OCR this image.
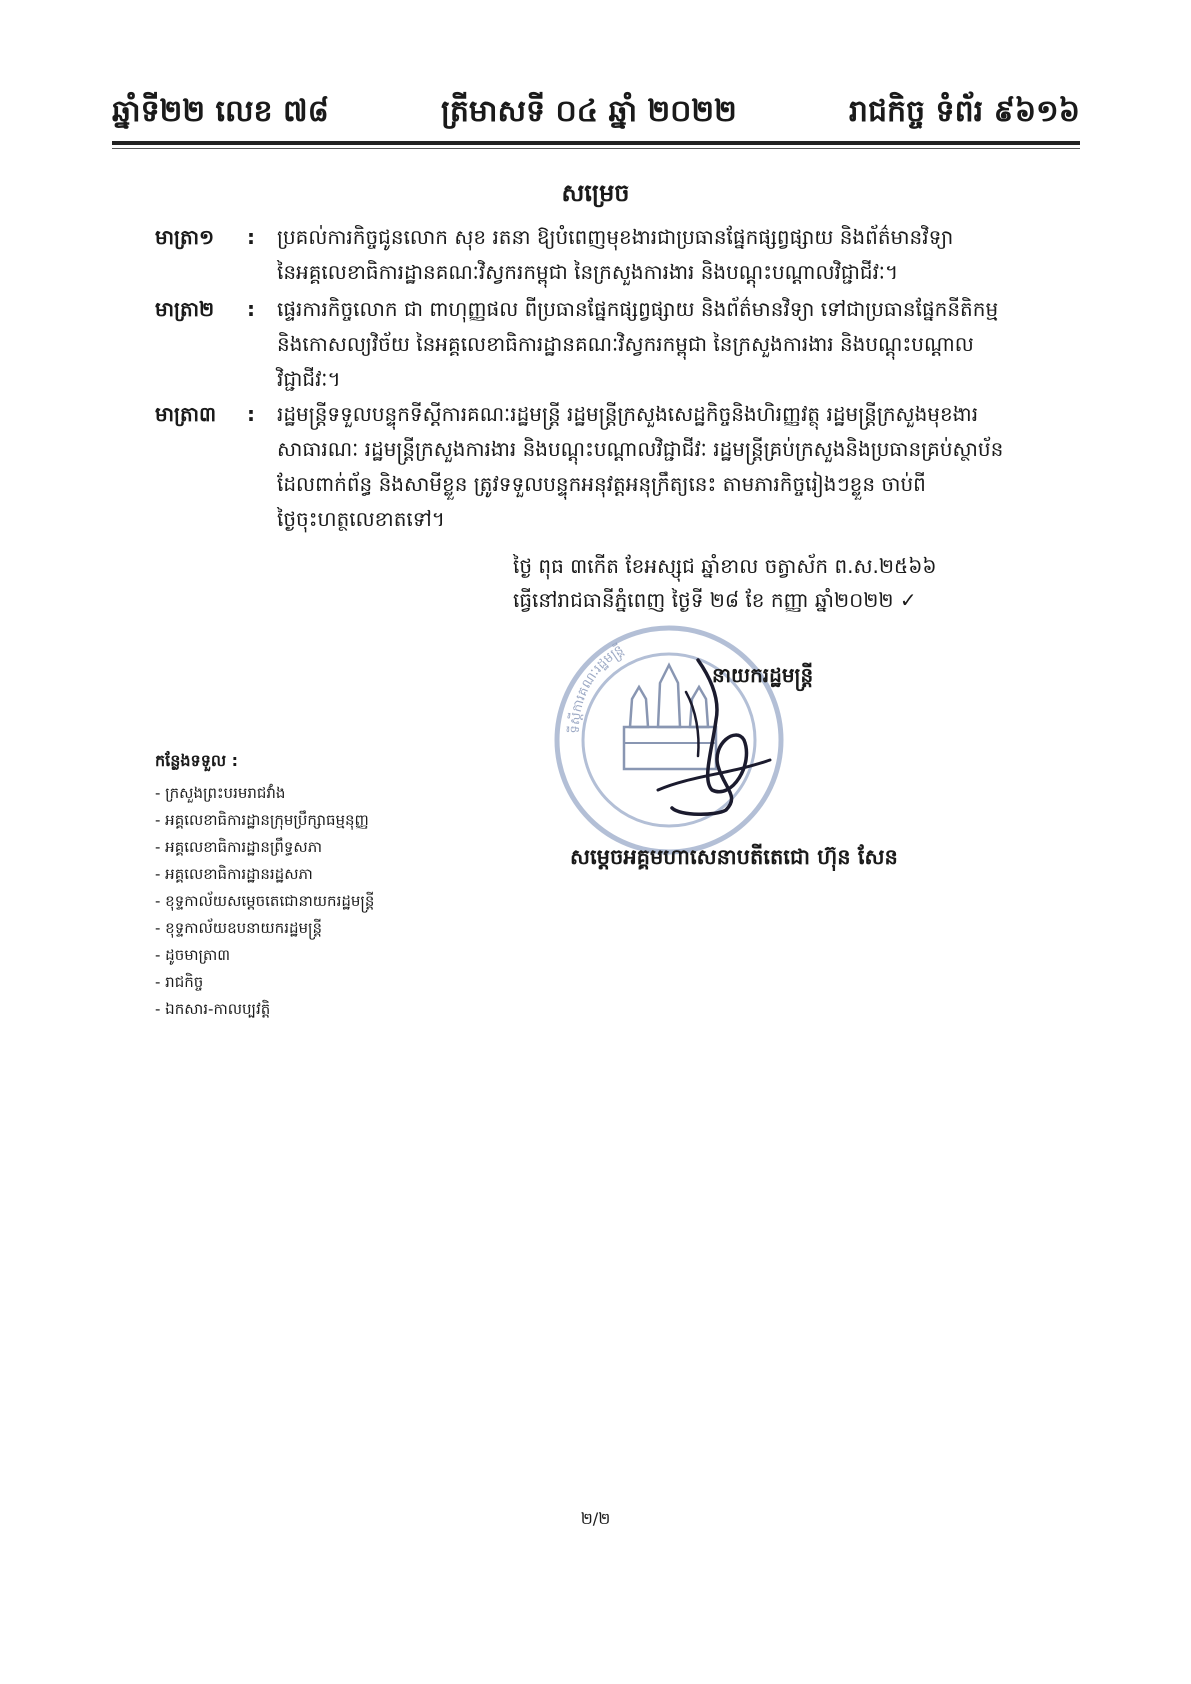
ឆ្នាំទី២២ លេខ ៧៨	ត្រីមាសទី ០៤ ឆ្នាំ ២០២២	រាជកិច្ច ទំព័រ ៩៦១៦
សម្រេច
មាត្រា១	: ប្រគល់ការកិច្ចជូនលោក សុខ រតនា ឱ្យបំពេញមុខងារជាប្រធានផ្នែកផ្សព្វផ្សាយ និងព័ត៌មានវិទ្យា

នៃអគ្គលេខាធិការដ្ឋានគណៈវិស្វករកម្ពុជា នៃក្រសួងការងារ និងបណ្ដុះបណ្ដាលវិជ្ជាជីវៈ។

មាត្រា២	: ផ្ទេរការកិច្ចលោក ជា ពាហុញ្ញផល ពីប្រធានផ្នែកផ្សព្វផ្សាយ និងព័ត៌មានវិទ្យា ទៅជាប្រធានផ្នែកនីតិកម្ម

និងកោសល្យវិច័យ នៃអគ្គលេខាធិការដ្ឋានគណៈវិស្វករកម្ពុជា នៃក្រសួងការងារ និងបណ្ដុះបណ្ដាល

វិជ្ជាជីវៈ។

មាត្រា៣	: រដ្ឋមន្ត្រីទទួលបន្ទុកទីស្ដីការគណៈរដ្ឋមន្ត្រី រដ្ឋមន្ត្រីក្រសួងសេដ្ឋកិច្ចនិងហិរញ្ញវត្ថុ រដ្ឋមន្ត្រីក្រសួងមុខងារ

សាធារណៈ រដ្ឋមន្ត្រីក្រសួងការងារ និងបណ្ដុះបណ្ដាលវិជ្ជាជីវៈ រដ្ឋមន្ត្រីគ្រប់ក្រសួងនិងប្រធានគ្រប់ស្ថាប័ន

ដែលពាក់ព័ន្ធ និងសាមីខ្លួន ត្រូវទទួលបន្ទុកអនុវត្តអនុក្រឹត្យនេះ តាមភារកិច្ចរៀងៗខ្លួន ចាប់ពី

ថ្ងៃចុះហត្ថលេខាតទៅ។

ទីស្ដីការគណៈរដ្ឋមន្ត្រី
ថ្ងៃ ពុធ ៣កើត ខែអស្សុជ ឆ្នាំខាល ចត្វាស័ក ព.ស.២៥៦៦
ធ្វើនៅរាជធានីភ្នំពេញ ថ្ងៃទី ២៨ ខែ កញ្ញា ឆ្នាំ២០២២ ✓
នាយករដ្ឋមន្ត្រី
កន្លែងទទួល :
- ក្រសួងព្រះបរមរាជវាំង
- អគ្គលេខាធិការដ្ឋានក្រុមប្រឹក្សាធម្មនុញ្ញ
- អគ្គលេខាធិការដ្ឋានព្រឹទ្ធសភា
- អគ្គលេខាធិការដ្ឋានរដ្ឋសភា
- ខុទ្ទកាល័យសម្ដេចតេជោនាយករដ្ឋមន្ត្រី
- ខុទ្ទកាល័យឧបនាយករដ្ឋមន្ត្រី
- ដូចមាត្រា៣
- រាជកិច្ច
- ឯកសារ-កាលប្បវត្តិ
សម្ដេចអគ្គមហាសេនាបតីតេជោ ហ៊ុន សែន
២/២
